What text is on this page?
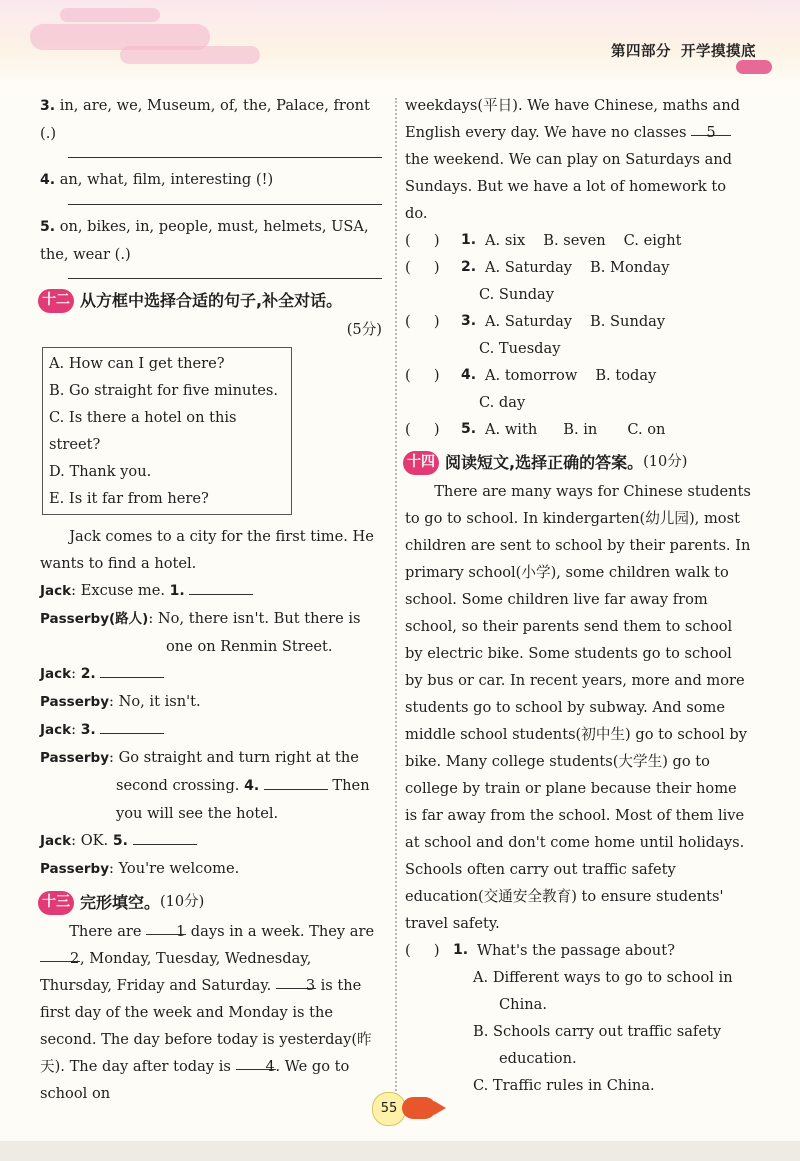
第四部分 开学摸摸底
3. in, are, we, Museum, of, the, Palace, front (.)
4. an, what, film, interesting (!)
5. on, bikes, in, people, must, helmets, USA, the, wear (.)
十二 从方框中选择合适的句子,补全对话。
(5分)
A. How can I get there?
B. Go straight for five minutes.
C. Is there a hotel on this street?
D. Thank you.
E. Is it far from here?
Jack comes to a city for the first time. He wants to find a hotel.
Jack: Excuse me. 1.
Passerby(路人): No, there isn't. But there is one on Renmin Street.
Jack: 2.
Passerby: No, it isn't.
Jack: 3.
Passerby: Go straight and turn right at the second crossing. 4.	Then you will see the hotel.
Jack: OK. 5.
Passerby: You're welcome.
十三 完形填空。 (10分)
There are 1 days in a week. They are 2, Monday, Tuesday, Wednesday, Thursday, Friday and Saturday. 3 is the first day of the week and Monday is the second. The day before today is yesterday(昨天). The day after today is 4. We go to school on
weekdays(平日). We have Chinese, maths and English every day. We have no classes 5 the weekend. We can play on Saturdays and Sundays. But we have a lot of homework to do.
(     )	1. A. six B. seven C. eight
(     )	2. A. Saturday B. Monday
C. Sunday
(     )	3. A. Saturday B. Sunday
C. Tuesday
(     )	4. A. tomorrow B. today
C. day
(     )	5. A. with B. in C. on
十四 阅读短文,选择正确的答案。 (10分)
There are many ways for Chinese students to go to school. In kindergarten(幼儿园), most children are sent to school by their parents. In primary school(小学), some children walk to school. Some children live far away from school, so their parents send them to school by electric bike. Some students go to school by bus or car. In recent years, more and more students go to school by subway. And some middle school students(初中生) go to school by bike. Many college students(大学生) go to college by train or plane because their home is far away from the school. Most of them live at school and don't come home until holidays. Schools often carry out traffic safety education(交通安全教育) to ensure students' travel safety.
(     ) 1. What's the passage about?
A. Different ways to go to school in China.
B. Schools carry out traffic safety education.
C. Traffic rules in China.
55
